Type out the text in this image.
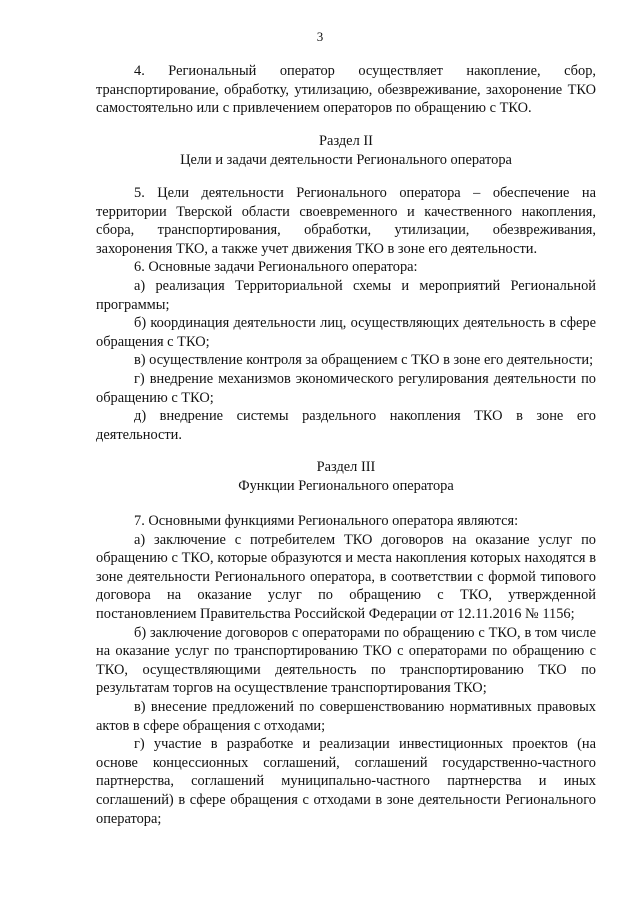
3

4. Региональный оператор осуществляет накопление, сбор, транспортирование, обработку, утилизацию, обезвреживание, захоронение ТКО самостоятельно или с привлечением операторов по обращению с ТКО.

Раздел II
Цели и задачи деятельности Регионального оператора

5. Цели деятельности Регионального оператора – обеспечение на территории Тверской области своевременного и качественного накопления, сбора, транспортирования, обработки, утилизации, обезвреживания, захоронения ТКО, а также учет движения ТКО в зоне его деятельности.

6. Основные задачи Регионального оператора:

а) реализация Территориальной схемы и мероприятий Региональной программы;

б) координация деятельности лиц, осуществляющих деятельность в сфере обращения с ТКО;

в) осуществление контроля за обращением с ТКО в зоне его деятельности;

г) внедрение механизмов экономического регулирования деятельности по обращению с ТКО;

д) внедрение системы раздельного накопления ТКО в зоне его деятельности.

Раздел III
Функции Регионального оператора

7. Основными функциями Регионального оператора являются:

а) заключение с потребителем ТКО договоров на оказание услуг по обращению с ТКО, которые образуются и места накопления которых находятся в зоне деятельности Регионального оператора, в соответствии с формой типового договора на оказание услуг по обращению с ТКО, утвержденной постановлением Правительства Российской Федерации от 12.11.2016 № 1156;

б) заключение договоров с операторами по обращению с ТКО, в том числе на оказание услуг по транспортированию ТКО с операторами по обращению с ТКО, осуществляющими деятельность по транспортированию ТКО по результатам торгов на осуществление транспортирования ТКО;

в) внесение предложений по совершенствованию нормативных правовых актов в сфере обращения с отходами;

г) участие в разработке и реализации инвестиционных проектов (на основе концессионных соглашений, соглашений государственно-частного партнерства, соглашений муниципально-частного партнерства и иных соглашений) в сфере обращения с отходами в зоне деятельности Регионального оператора;
